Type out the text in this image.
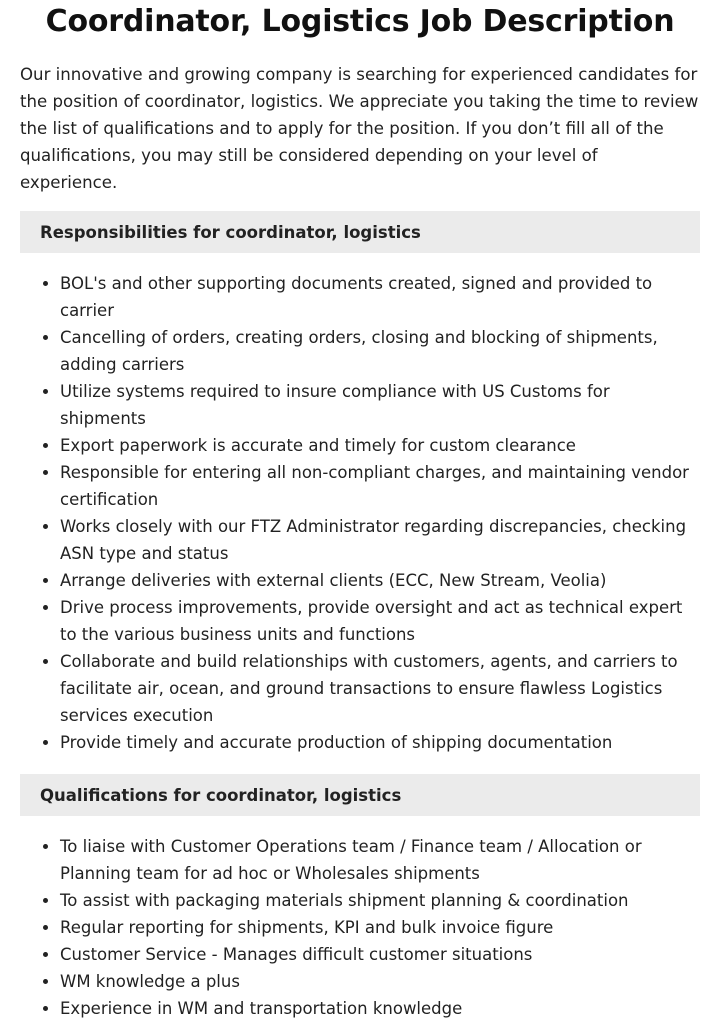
Coordinator, Logistics Job Description

Our innovative and growing company is searching for experienced candidates for the position of coordinator, logistics. We appreciate you taking the time to review the list of qualifications and to apply for the position. If you don’t fill all of the qualifications, you may still be considered depending on your level of experience.

Responsibilities for coordinator, logistics
• BOL's and other supporting documents created, signed and provided to carrier
• Cancelling of orders, creating orders, closing and blocking of shipments, adding carriers
• Utilize systems required to insure compliance with US Customs for shipments
• Export paperwork is accurate and timely for custom clearance
• Responsible for entering all non-compliant charges, and maintaining vendor certification
• Works closely with our FTZ Administrator regarding discrepancies, checking ASN type and status
• Arrange deliveries with external clients (ECC, New Stream, Veolia)
• Drive process improvements, provide oversight and act as technical expert to the various business units and functions
• Collaborate and build relationships with customers, agents, and carriers to facilitate air, ocean, and ground transactions to ensure flawless Logistics services execution
• Provide timely and accurate production of shipping documentation
Qualifications for coordinator, logistics
• To liaise with Customer Operations team / Finance team / Allocation or Planning team for ad hoc or Wholesales shipments
• To assist with packaging materials shipment planning & coordination
• Regular reporting for shipments, KPI and bulk invoice figure
• Customer Service - Manages difficult customer situations
• WM knowledge a plus
• Experience in WM and transportation knowledge
